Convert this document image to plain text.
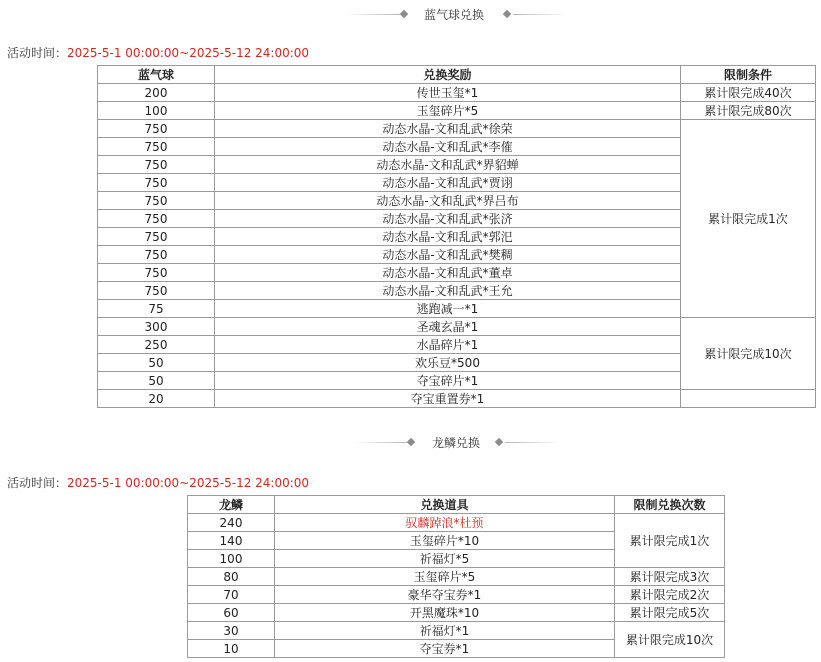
蓝气球兑换
活动时间：2025-5-1 00:00:00~2025-5-12 24:00:00
蓝气球	兑换奖励	限制条件
200	传世玉玺*1	累计限完成40次
100	玉玺碎片*5	累计限完成80次
750	动态水晶-文和乱武*徐荣	累计限完成1次
750	动态水晶-文和乱武*李傕	
750	动态水晶-文和乱武*界貂蝉	
750	动态水晶-文和乱武*贾诩	
750	动态水晶-文和乱武*界吕布	
750	动态水晶-文和乱武*张济	
750	动态水晶-文和乱武*郭汜	
750	动态水晶-文和乱武*樊稠	
750	动态水晶-文和乱武*董卓	
750	动态水晶-文和乱武*王允	
75	逃跑减一*1	
300	圣魂玄晶*1	累计限完成10次
250	水晶碎片*1	
50	欢乐豆*500	
50	夺宝碎片*1	
20	夺宝重置券*1	
龙鳞兑换
活动时间：2025-5-1 00:00:00~2025-5-12 24:00:00
龙鳞	兑换道具	限制兑换次数
240	驭麟踔浪*杜预	累计限完成1次
140	玉玺碎片*10	
100	祈福灯*5	
80	玉玺碎片*5	累计限完成3次
70	豪华夺宝券*1	累计限完成2次
60	开黑魔珠*10	累计限完成5次
30	祈福灯*1	累计限完成10次
10	夺宝券*1	
